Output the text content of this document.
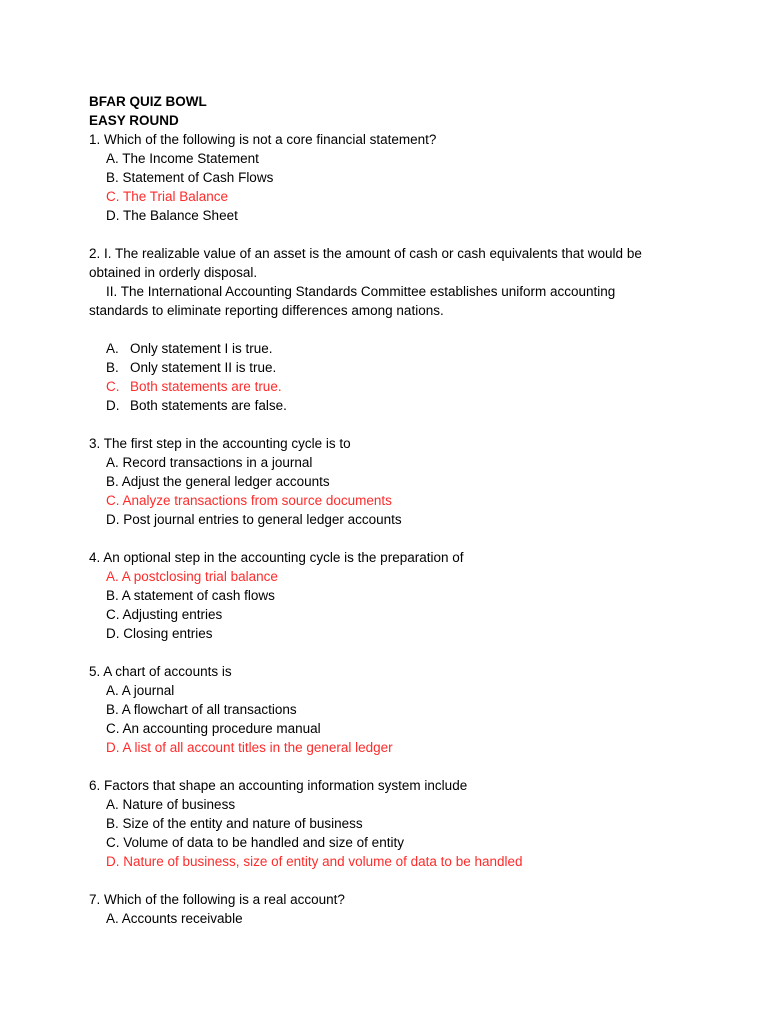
BFAR QUIZ BOWL
EASY ROUND
1. Which of the following is not a core financial statement?
A. The Income Statement
B. Statement of Cash Flows
C. The Trial Balance
D. The Balance Sheet
2. I. The realizable value of an asset is the amount of cash or cash equivalents that would be
obtained in orderly disposal.
II. The International Accounting Standards Committee establishes uniform accounting
standards to eliminate reporting differences among nations.
A. Only statement I is true.
B. Only statement II is true.
C. Both statements are true.
D. Both statements are false.
3. The first step in the accounting cycle is to
A. Record transactions in a journal
B. Adjust the general ledger accounts
C. Analyze transactions from source documents
D. Post journal entries to general ledger accounts
4. An optional step in the accounting cycle is the preparation of
A. A postclosing trial balance
B. A statement of cash flows
C. Adjusting entries
D. Closing entries
5. A chart of accounts is
A. A journal
B. A flowchart of all transactions
C. An accounting procedure manual
D. A list of all account titles in the general ledger
6. Factors that shape an accounting information system include
A. Nature of business
B. Size of the entity and nature of business
C. Volume of data to be handled and size of entity
D. Nature of business, size of entity and volume of data to be handled
7. Which of the following is a real account?
A. Accounts receivable
